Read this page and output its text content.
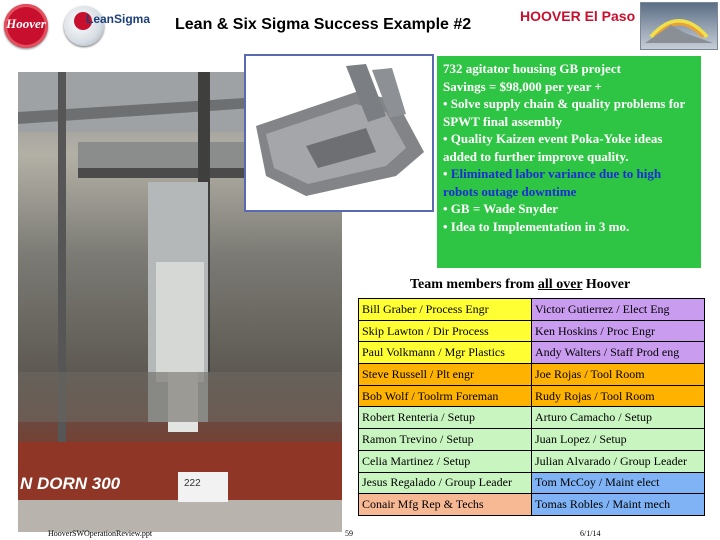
Hoover	LeanSigma Lean & Six Sigma Success Example #2	HOOVER El Paso
N DORN 300	222

732 agitator housing GB project

Savings = $98,000 per year +

• Solve supply chain & quality problems for SPWT final assembly

• Quality Kaizen event Poka-Yoke ideas added to further improve quality.

• Eliminated labor variance due to high robots outage downtime

• GB = Wade Snyder

• Idea to Implementation in 3 mo.

Team members from all over Hoover
Bill Graber / Process Engr	Victor Gutierrez / Elect Eng
Skip Lawton / Dir Process	Ken Hoskins / Proc Engr
Paul Volkmann / Mgr Plastics	Andy Walters / Staff Prod eng
Steve Russell / Plt engr	Joe Rojas / Tool Room
Bob Wolf / Toolrm Foreman	Rudy Rojas / Tool Room
Robert Renteria / Setup	Arturo Camacho / Setup
Ramon Trevino / Setup	Juan Lopez / Setup
Celia Martinez / Setup	Julian Alvarado / Group Leader
Jesus Regalado / Group Leader	Tom McCoy / Maint elect
Conair Mfg Rep & Techs	Tomas Robles / Maint mech
HooverSWOperationReview.ppt	59	6/1/14
